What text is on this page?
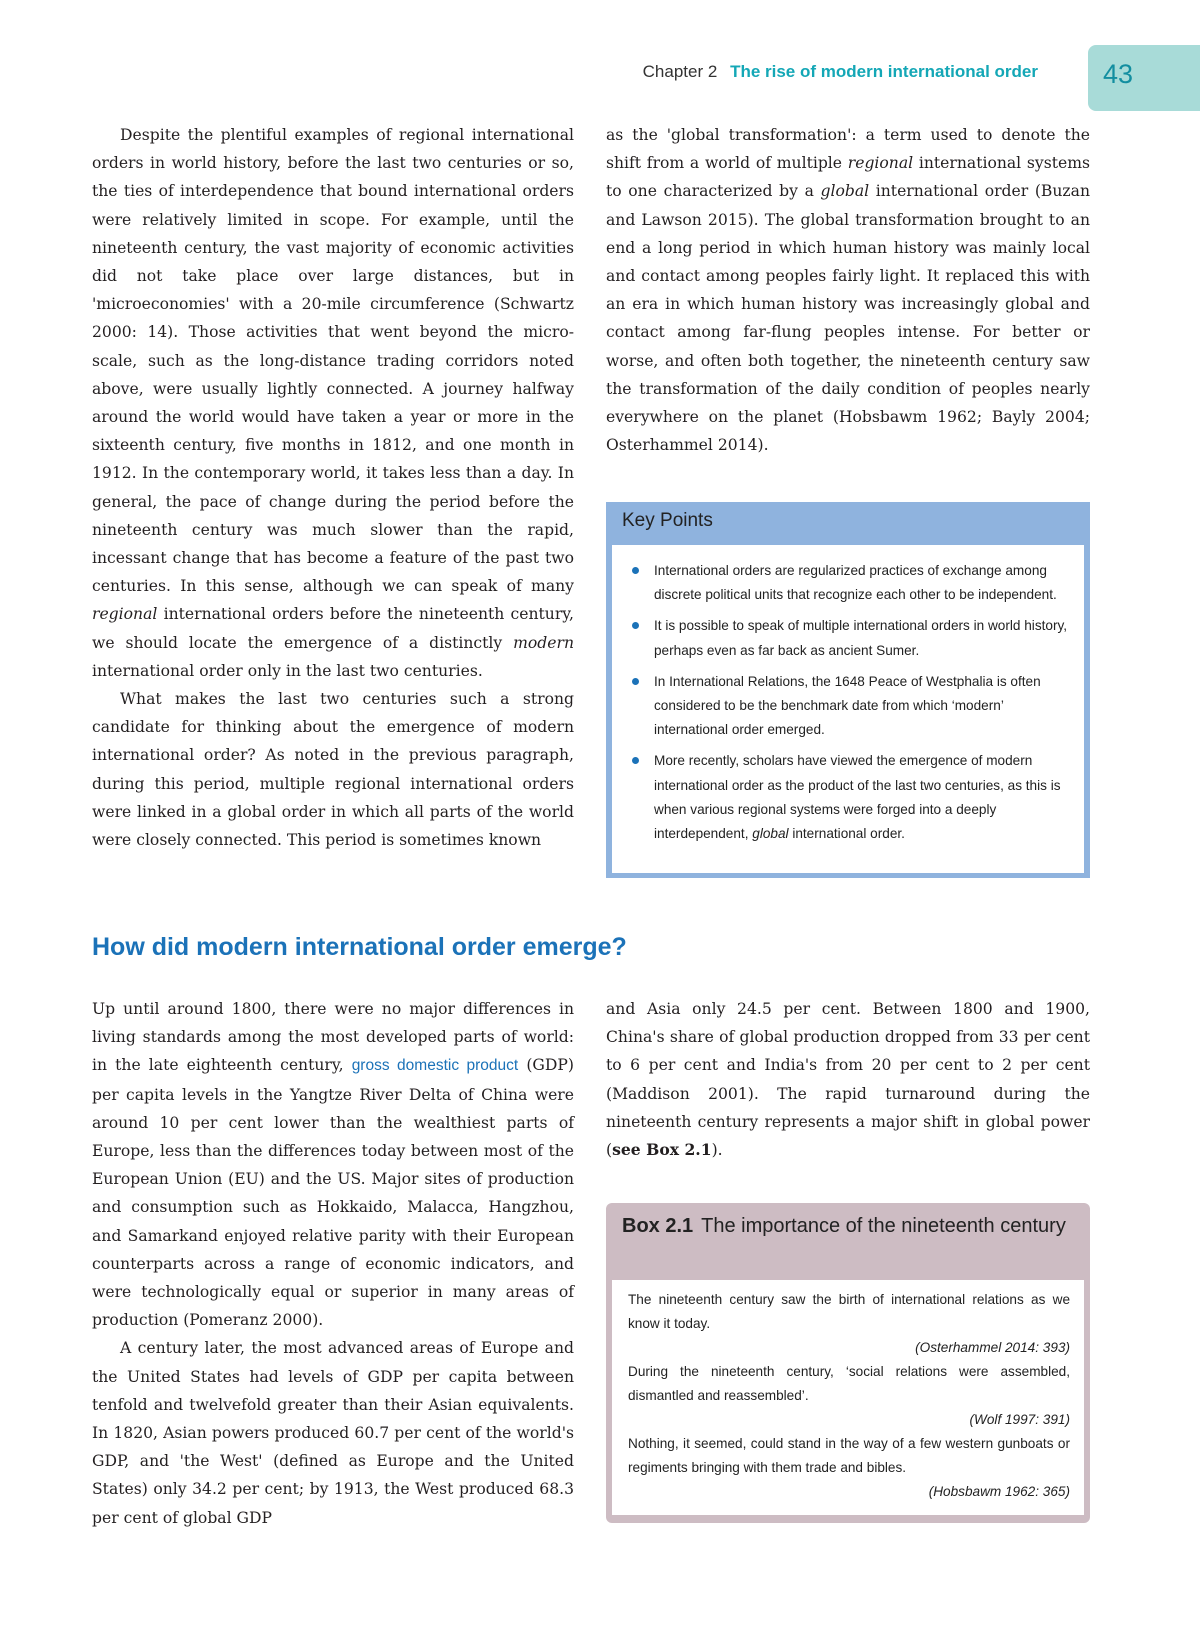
Chapter 2 The rise of modern international order 43

Despite the plentiful examples of regional international orders in world history, before the last two centuries or so, the ties of interdependence that bound international orders were relatively limited in scope. For example, until the nineteenth century, the vast majority of economic activities did not take place over large distances, but in 'microeconomies' with a 20-mile circumference (Schwartz 2000: 14). Those activities that went beyond the micro-scale, such as the long-distance trading corridors noted above, were usually lightly connected. A journey halfway around the world would have taken a year or more in the sixteenth century, five months in 1812, and one month in 1912. In the contemporary world, it takes less than a day. In general, the pace of change during the period before the nineteenth century was much slower than the rapid, incessant change that has become a feature of the past two centuries. In this sense, although we can speak of many regional international orders before the nineteenth century, we should locate the emergence of a distinctly modern international order only in the last two centuries.

What makes the last two centuries such a strong candidate for thinking about the emergence of modern international order? As noted in the previous paragraph, during this period, multiple regional international orders were linked in a global order in which all parts of the world were closely connected. This period is sometimes known

as the 'global transformation': a term used to denote the shift from a world of multiple regional international systems to one characterized by a global international order (Buzan and Lawson 2015). The global transformation brought to an end a long period in which human history was mainly local and contact among peoples fairly light. It replaced this with an era in which human history was increasingly global and contact among far-flung peoples intense. For better or worse, and often both together, the nineteenth century saw the transformation of the daily condition of peoples nearly everywhere on the planet (Hobsbawm 1962; Bayly 2004; Osterhammel 2014).

Key Points
International orders are regularized practices of exchange among discrete political units that recognize each other to be independent.
It is possible to speak of multiple international orders in world history, perhaps even as far back as ancient Sumer.
In International Relations, the 1648 Peace of Westphalia is often considered to be the benchmark date from which ‘modern’ international order emerged.
More recently, scholars have viewed the emergence of modern international order as the product of the last two centuries, as this is when various regional systems were forged into a deeply interdependent, global international order.
How did modern international order emerge?

Up until around 1800, there were no major differences in living standards among the most developed parts of world: in the late eighteenth century, gross domestic product (GDP) per capita levels in the Yangtze River Delta of China were around 10 per cent lower than the wealthiest parts of Europe, less than the differences today between most of the European Union (EU) and the US. Major sites of production and consumption such as Hokkaido, Malacca, Hangzhou, and Samarkand enjoyed relative parity with their European counterparts across a range of economic indicators, and were technologically equal or superior in many areas of production (Pomeranz 2000).

A century later, the most advanced areas of Europe and the United States had levels of GDP per capita between tenfold and twelvefold greater than their Asian equivalents. In 1820, Asian powers produced 60.7 per cent of the world's GDP, and 'the West' (defined as Europe and the United States) only 34.2 per cent; by 1913, the West produced 68.3 per cent of global GDP

and Asia only 24.5 per cent. Between 1800 and 1900, China's share of global production dropped from 33 per cent to 6 per cent and India's from 20 per cent to 2 per cent (Maddison 2001). The rapid turnaround during the nineteenth century represents a major shift in global power (see Box 2.1).

Box 2.1 The importance of the nineteenth century

The nineteenth century saw the birth of international relations as we know it today.

(Osterhammel 2014: 393)

During the nineteenth century, ‘social relations were assembled, dismantled and reassembled’.

(Wolf 1997: 391)

Nothing, it seemed, could stand in the way of a few western gunboats or regiments bringing with them trade and bibles.

(Hobsbawm 1962: 365)
